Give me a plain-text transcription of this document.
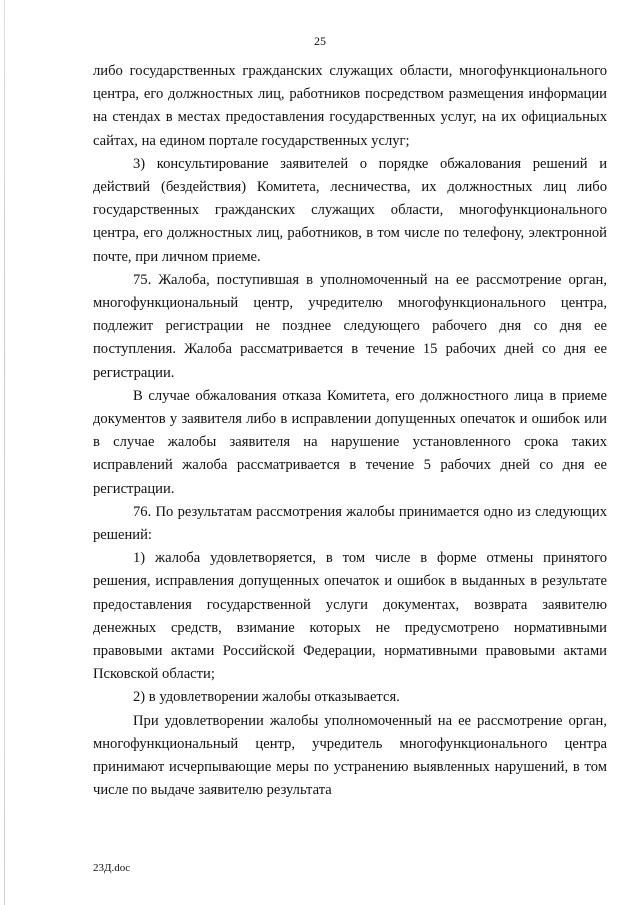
25

либо государственных гражданских служащих области, многофункционального центра, его должностных лиц, работников посредством размещения информации на стендах в местах предоставления государственных услуг, на их официальных сайтах, на едином портале государственных услуг;

3) консультирование заявителей о порядке обжалования решений и действий (бездействия) Комитета, лесничества, их должностных лиц либо государственных гражданских служащих области, многофункционального центра, его должностных лиц, работников, в том числе по телефону, электронной почте, при личном приеме.

75. Жалоба, поступившая в уполномоченный на ее рассмотрение орган, многофункциональный центр, учредителю многофункционального центра, подлежит регистрации не позднее следующего рабочего дня со дня ее поступления. Жалоба рассматривается в течение 15 рабочих дней со дня ее регистрации.

В случае обжалования отказа Комитета, его должностного лица в приеме документов у заявителя либо в исправлении допущенных опечаток и ошибок или в случае жалобы заявителя на нарушение установленного срока таких исправлений жалоба рассматривается в течение 5 рабочих дней со дня ее регистрации.

76. По результатам рассмотрения жалобы принимается одно из следующих решений:

1) жалоба удовлетворяется, в том числе в форме отмены принятого решения, исправления допущенных опечаток и ошибок в выданных в результате предоставления государственной услуги документах, возврата заявителю денежных средств, взимание которых не предусмотрено нормативными правовыми актами Российской Федерации, нормативными правовыми актами Псковской области;

2) в удовлетворении жалобы отказывается.

При удовлетворении жалобы уполномоченный на ее рассмотрение орган, многофункциональный центр, учредитель многофункционального центра принимают исчерпывающие меры по устранению выявленных нарушений, в том числе по выдаче заявителю результата

23Д.doc
